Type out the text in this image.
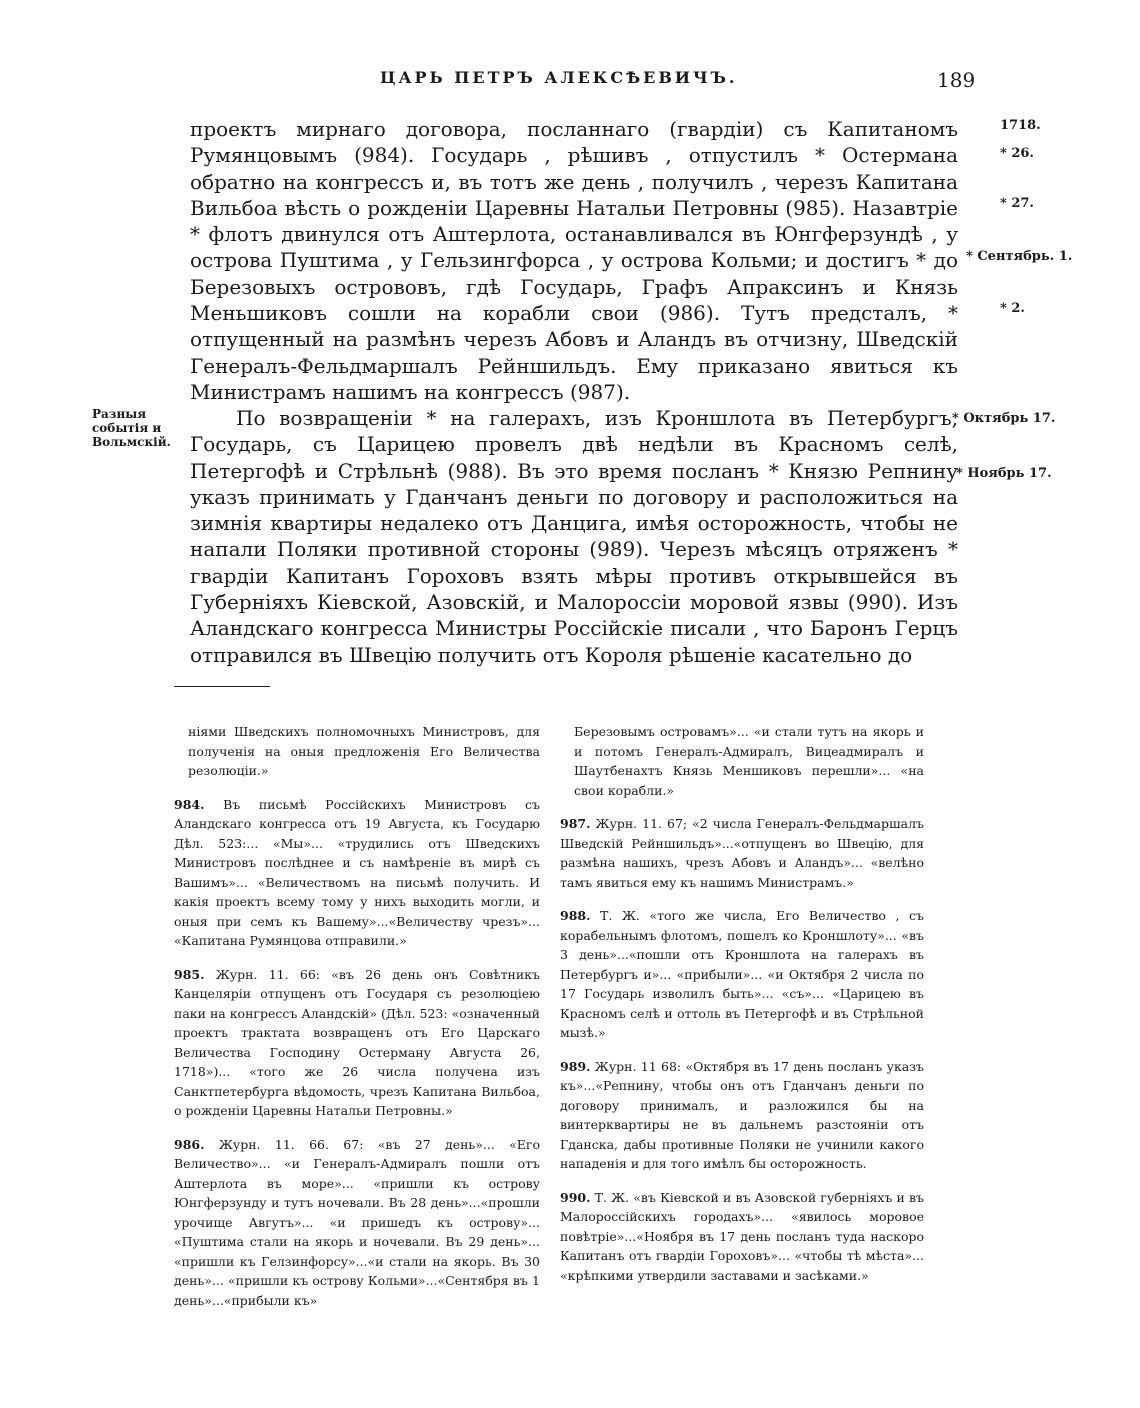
ЦАРЬ ПЕТРЪ АЛЕКСѢЕВИЧЪ.	189

проектъ мирнаго договора, посланнаго (гвардіи) съ Капитаномъ Румянцовымъ (984). Государь , рѣшивъ , отпустилъ * Остермана обратно на конгрессъ и, въ тотъ же день , получилъ , черезъ Капитана Вильбоа вѣсть о рожденіи Царевны Натальи Петровны (985). Назавтріе * флотъ двинулся отъ Аштерлота, останавливался въ Юнгферзундѣ , у острова Пуштима , у Гельзингфорса , у острова Кольми; и достигъ * до Березовыхъ острововъ, гдѣ Государь, Графъ Апраксинъ и Князь Меньшиковъ сошли на корабли свои (986). Тутъ предсталъ, * отпущенный на размѣнъ черезъ Абовъ и Аландъ въ отчизну, Шведскій Генералъ-Фельдмаршалъ Рейншильдъ. Ему приказано явиться къ Министрамъ нашимъ на конгрессъ (987).

По возвращеніи * на галерахъ, изъ Кроншлота въ Петербургъ, Государь, съ Царицею провелъ двѣ недѣли въ Красномъ селѣ, Петергофѣ и Стрѣльнѣ (988). Въ это время посланъ * Князю Репнину указъ принимать у Гданчанъ деньги по договору и расположиться на зимнія квартиры недалеко отъ Данцига, имѣя осторожность, чтобы не напали Поляки противной стороны (989). Черезъ мѣсяцъ отряженъ * гвардіи Капитанъ Гороховъ взять мѣры противъ открывшейся въ Губерніяхъ Кіевской, Азовскій, и Малороссіи моровой язвы (990). Изъ Аландскаго конгресса Министры Россійскіе писали , что Баронъ Герцъ отправился въ Швецію получить отъ Короля рѣшеніе касательно до

1718.
* 26.
* 27.
* Сентябрь. 1.
* 2.
* Октябрь 17.
* Ноябрь 17.
Разныя событія и Вольмскій.

ніями Шведскихъ полномочныхъ Министровъ, для полученія на оныя предложенія Его Величества резолюціи.»

984. Въ письмѣ Россійскихъ Министровъ съ Аландскаго конгресса отъ 19 Августа, къ Государю Дѣл. 523:... «Мы»... «трудились отъ Шведскихъ Министровъ послѣднее и съ намѣреніе въ мирѣ съ Вашимъ»... «Величествомъ на письмѣ получить. И какія проектъ всему тому у нихъ выходить могли, и оныя при семъ къ Вашему»...«Величеству чрезъ»... «Капитана Румянцова отправили.»

985. Журн. 11. 66: «въ 26 день онъ Совѣтникъ Канцеляріи отпущенъ отъ Государя съ резолюціею паки на конгрессъ Аландскій» (Дѣл. 523: «означенный проектъ трактата возвращенъ отъ Его Царскаго Величества Господину Остерману Августа 26, 1718»)... «того же 26 числа получена изъ Санктпетербурга вѣдомость, чрезъ Капитана Вильбоа, о рожденіи Царевны Натальи Петровны.»

986. Журн. 11. 66. 67: «въ 27 день»... «Его Величество»... «и Генералъ-Адмиралъ пошли отъ Аштерлота въ море»... «пришли къ острову Юнгферзунду и тутъ ночевали. Въ 28 день»...«прошли урочище Авгутъ»... «и пришедъ къ острову»... «Пуштима стали на якорь и ночевали. Въ 29 день»... «пришли къ Гелзинфорсу»...«и стали на якорь. Въ 30 день»... «пришли къ острову Кольми»...«Сентября въ 1 день»...«прибыли къ»

Березовымъ островамъ»... «и стали тутъ на якорь и и потомъ Генералъ-Адмиралъ, Вицеадмиралъ и Шаутбенахтъ Князь Меншиковъ перешли»... «на свои корабли.»

987. Журн. 11. 67; «2 числа Генералъ-Фельдмаршалъ Шведскій Рейншильдъ»...«отпущенъ во Швецію, для размѣна нашихъ, чрезъ Абовъ и Аландъ»... «велѣно тамъ явиться ему къ нашимъ Министрамъ.»

988. Т. Ж. «того же числа, Его Величество , съ корабельнымъ флотомъ, пошелъ ко Кроншлоту»... «въ 3 день»...«пошли отъ Кроншлота на галерахъ въ Петербургъ и»... «прибыли»... «и Октября 2 числа по 17 Государь изволилъ быть»... «съ»... «Царицею въ Красномъ селѣ и оттоль въ Петергофѣ и въ Стрѣльной мызѣ.»

989. Журн. 11 68: «Октября въ 17 день посланъ указъ къ»...«Репнину, чтобы онъ отъ Гданчанъ деньги по договору принималъ, и разложился бы на винтерквартиры не въ дальнемъ разстояніи отъ Гданска, дабы противные Поляки не учинили какого нападенія и для того имѣлъ бы осторожность.

990. Т. Ж. «въ Кіевской и въ Азовской губерніяхъ и въ Малороссійскихъ городахъ»... «явилось моровое повѣтріе»...«Ноября въ 17 день посланъ туда наскоро Капитанъ отъ гвардіи Гороховъ»... «чтобы тѣ мѣста»... «крѣпкими утвердили заставами и засѣками.»
